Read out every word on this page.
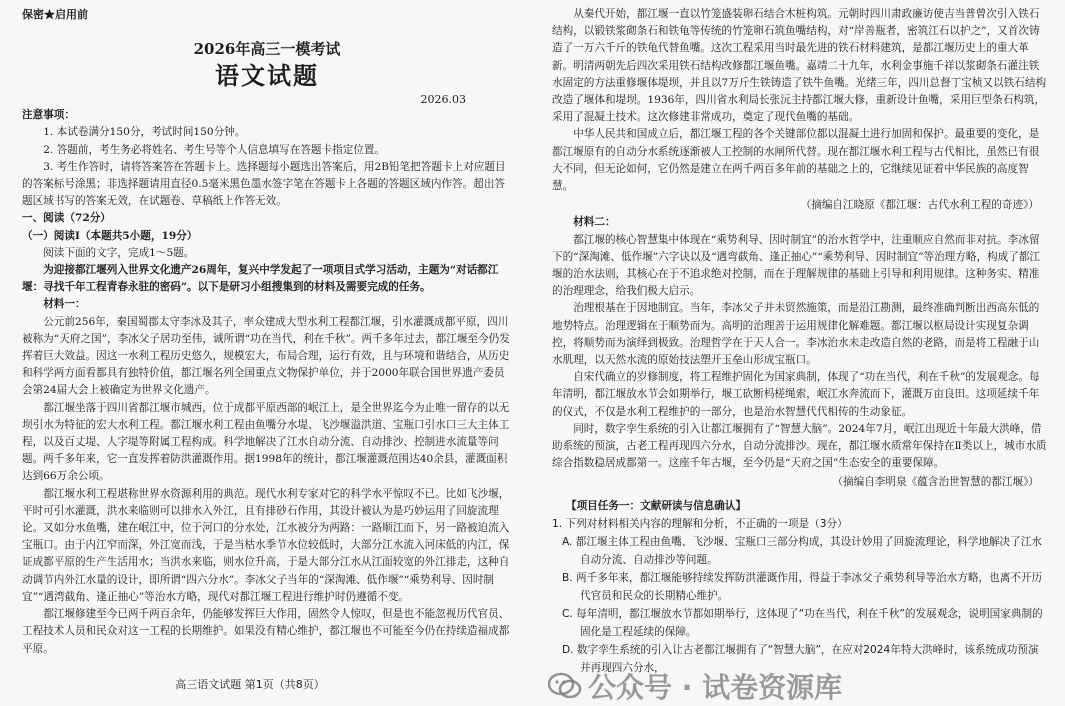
保密★启用前
2026年高三一模考试
语文试题
2026.03

注意事项：

1. 本试卷满分150分，考试时间150分钟。

2. 答题前，考生务必将姓名、考生号等个人信息填写在答题卡指定位置。

3. 考生作答时，请将答案答在答题卡上。选择题每小题选出答案后，用2B铅笔把答题卡上对应题目的答案标号涂黑；非选择题请用直径0.5毫米黑色墨水签字笔在答题卡上各题的答题区域内作答。超出答题区域书写的答案无效，在试题卷、草稿纸上作答无效。

一、阅读（72分）

（一）阅读Ⅰ（本题共5小题，19分）

阅读下面的文字，完成1～5题。

为迎接都江堰列入世界文化遗产26周年，复兴中学发起了一项项目式学习活动，主题为“对话都江堰：寻找千年工程青春永驻的密码”。以下是研习小组搜集到的材料及需要完成的任务。

材料一：

公元前256年，秦国蜀郡太守李冰及其子，率众建成大型水利工程都江堰，引水灌溉成都平原，四川被称为“天府之国”，李冰父子居功至伟，诚所谓“功在当代，利在千秋”。两千多年过去，都江堰至今仍发挥着巨大效益。因这一水利工程历史悠久，规模宏大，布局合理，运行有效，且与环境和谐结合，从历史和科学两方面看都具有独特价值，都江堰名列全国重点文物保护单位，并于2000年联合国世界遗产委员会第24届大会上被确定为世界文化遗产。

都江堰坐落于四川省都江堰市城西，位于成都平原西部的岷江上，是全世界迄今为止唯一留存的以无坝引水为特征的宏大水利工程。都江堰水利工程由鱼嘴分水堤、飞沙堰溢洪道、宝瓶口引水口三大主体工程，以及百丈堤、人字堤等附属工程构成。科学地解决了江水自动分流、自动排沙、控制进水流量等问题。两千多年来，它一直发挥着防洪灌溉作用。据1998年的统计，都江堰灌溉范围达40余县，灌溉面积达到66万余公顷。

都江堰水利工程堪称世界水资源利用的典范。现代水利专家对它的科学水平惊叹不已。比如飞沙堰，平时可引水灌溉，洪水来临则可以排水入外江，且有排砂石作用，其设计被认为是巧妙运用了回旋流理论。又如分水鱼嘴，建在岷江中，位于河口的分水处，江水被分为两路：一路顺江而下，另一路被迫流入宝瓶口。由于内江窄而深，外江宽而浅，于是当枯水季节水位较低时，大部分江水流入河床低的内江，保证成都平原的生产生活用水；当洪水来临，则水位升高，于是大部分江水从江面较宽的外江排走，这种自动调节内外江水量的设计，即所谓“四六分水”。李冰父子当年的“深淘滩、低作堰”“乘势利导、因时制宜”“遇湾截角、逢正抽心”等治水方略，现代对都江堰工程进行维护时仍遵循不变。

都江堰修建至今已两千两百余年，仍能够发挥巨大作用，固然令人惊叹，但是也不能忽视历代官员、工程技术人员和民众对这一工程的长期维护。如果没有精心维护，都江堰也不可能至今仍在持续造福成都平原。

从秦代开始，都江堰一直以竹笼盛装卵石结合木桩构筑。元朝时四川肃政廉访使吉当普曾次引入铁石结构，以锻铁浆砌条石和铁龟等传统的竹笼卵石筑鱼嘴结构，对“岸善瓶者，密筑江石以护之”，又首次铸造了一万六千斤的铁龟代替鱼嘴。这次工程采用当时最先进的铁石材料建筑，是都江堰历史上的重大革新。明清两朝先后四次采用铁石结构改修都江堰鱼嘴。嘉靖二十九年，水利金事施千祥以浆砌条石灌注铁水固定的方法重修堰体堤坝，并且以7万斤生铁铸造了铁牛鱼嘴。光绪三年，四川总督丁宝桢又以铁石结构改造了堰体和堤坝。1936年，四川省水利局长张沅主持都江堰大修，重新设计鱼嘴，采用巨型条石构筑，采用了混凝土技术。这次修建非常成功，奠定了现代鱼嘴的基础。

中华人民共和国成立后，都江堰工程的各个关键部位都以混凝土进行加固和保护。最重要的变化，是都江堰原有的自动分水系统逐渐被人工控制的水闸所代替。现在都江堰水利工程与古代相比，虽然已有很大不同，但无论如何，它仍然是建立在两千两百多年前的基础之上的，它继续见证着中华民族的高度智慧。

（摘编自江晓原《都江堰：古代水利工程的奇迹》）

材料二：

都江堰的核心智慧集中体现在“乘势利导、因时制宜”的治水哲学中，注重顺应自然而非对抗。李冰留下的“深淘滩、低作堰”六字诀以及“遇弯截角、逢正抽心”“乘势利导、因时制宜”等治理方略，构成了都江堰的治水法则，其核心在于不追求绝对控制，而在于理解规律的基础上引导和利用规律。这种务实、精准的治理理念，给我们极大启示。

治理根基在于因地制宜。当年，李冰父子并未贸然施策，而是沿江勘测，最终准确判断出西高东低的地势特点。治理逻辑在于顺势而为。高明的治理善于运用规律化解难题。都江堰以枢局设计实现复杂调控，将顺势而为演绎到极致。治理哲学在于天人合一。李冰治水未走改造自然的老路，而是将工程融于山水肌理，以天然水流的原始技法塑开玉垒山形成宝瓶口。

自宋代确立的岁修制度，将工程维护固化为国家典制，体现了“功在当代，利在千秋”的发展观念。每年清明，都江堰放水节会如期举行，堰工砍断杩槎绳索，岷江水奔流而下，灌溉万亩良田。这项延续千年的仪式，不仅是水利工程维护的一部分，也是治水智慧代代相传的生动象征。

同时，数字孪生系统的引入让都江堰拥有了“智慧大脑”。2024年7月，岷江出现近十年最大洪峰，借助系统的预演，古老工程再现四六分水，自动分流排沙。现在，都江堰水质常年保持在Ⅱ类以上，城市水质综合指数稳居成都第一。这座千年古堰，至今仍是“天府之国”生态安全的重要保障。

（摘编自李明泉《蕴含治世智慧的都江堰》）

【项目任务一：文献研读与信息确认】

1. 下列对材料相关内容的理解和分析，不正确的一项是（3分）

A. 都江堰主体工程由鱼嘴、飞沙堰、宝瓶口三部分构成，其设计妙用了回旋流理论，科学地解决了江水自动分流、自动排沙等问题。

B. 两千多年来，都江堰能够持续发挥防洪灌溉作用，得益于李冰父子乘势利导等治水方略，也离不开历代官员和民众的长期精心维护。

C. 每年清明，都江堰放水节都如期举行，这体现了“功在当代，利在千秋”的发展观念，说明国家典制的固化是工程延续的保障。

D. 数字孪生系统的引入让古老都江堰拥有了“智慧大脑”，在应对2024年特大洪峰时，该系统成功预演并再现四六分水，

高三语文试题 第1页（共8页）	公众号 · 试卷资源库
